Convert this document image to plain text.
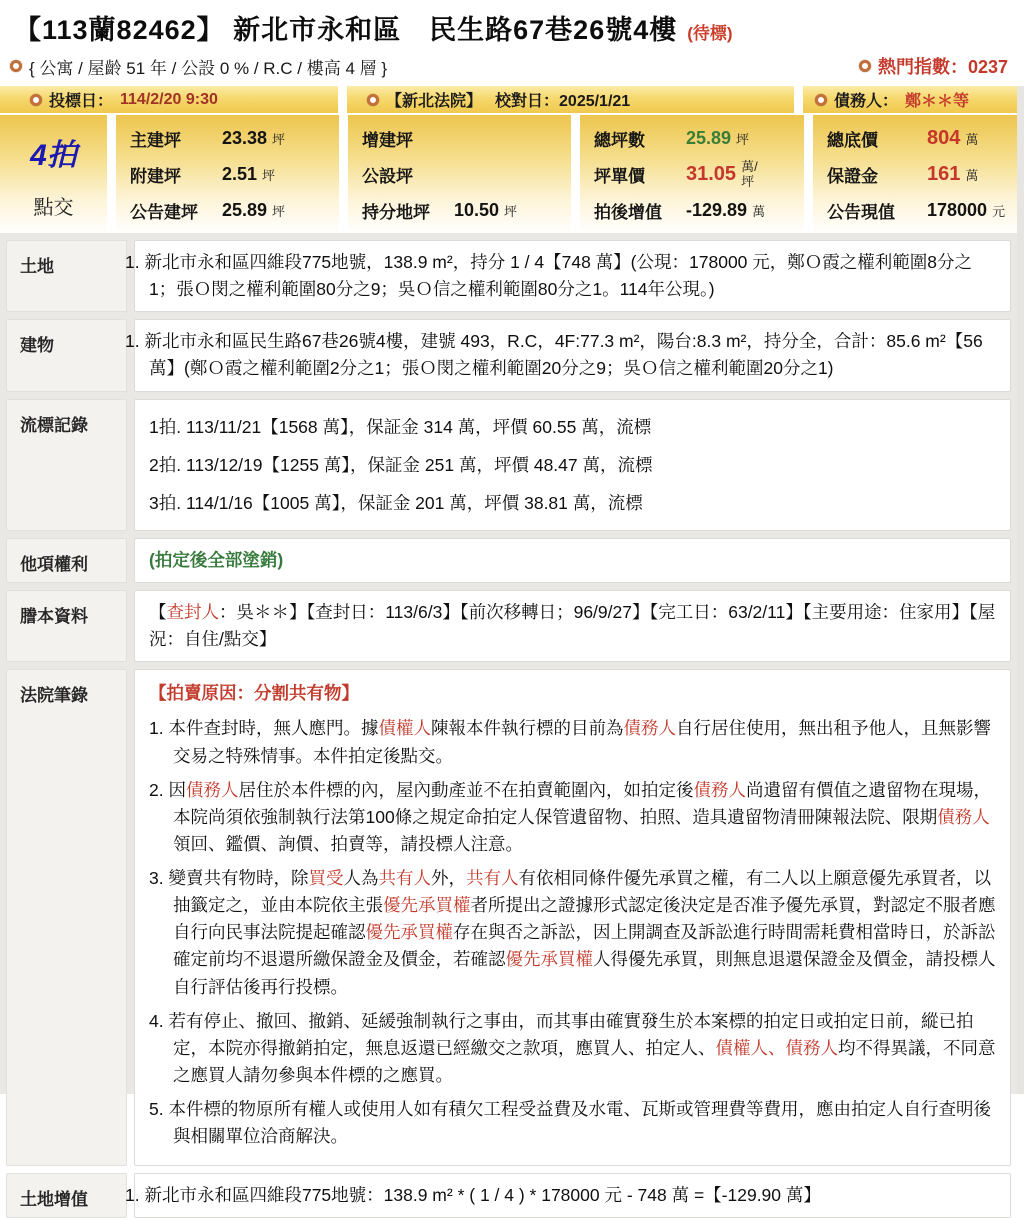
【113蘭82462】 新北市永和區　民生路67巷26號4樓 (待標)
{ 公寓 / 屋齡 51 年 / 公設 0 % / R.C / 樓高 4 層 }	熱門指數：0237
投標日： 114/2/20 9:30	【新北法院】 校對日：2025/1/21	債務人： 鄭＊＊等
4拍
點交
主建坪	23.38 坪
附建坪	2.51 坪
公告建坪	25.89 坪
增建坪
公設坪
持分地坪	10.50 坪
總坪數	25.89 坪
坪單價	31.05 萬/坪
拍後增值	-129.89 萬
總底價	804 萬
保證金	161 萬
公告現值	178000 元
土地	1. 新北市永和區四維段775地號，138.9 m²，持分 1 / 4【748 萬】(公現：178000 元，鄭Ｏ霞之權利範圍8分之1；張Ｏ閔之權利範圍80分之9；吳Ｏ信之權利範圍80分之1。114年公現。)
建物	1. 新北市永和區民生路67巷26號4樓，建號 493，R.C，4F:77.3 m²，陽台:8.3 m²，持分全，合計：85.6 m²【56 萬】(鄭Ｏ霞之權利範圍2分之1；張Ｏ閔之權利範圍20分之9；吳Ｏ信之權利範圍20分之1)
流標記錄	1拍. 113/11/21【1568 萬】，保証金 314 萬，坪價 60.55 萬，流標
2拍. 113/12/19【1255 萬】，保証金 251 萬，坪價 48.47 萬，流標
3拍. 114/1/16【1005 萬】，保証金 201 萬，坪價 38.81 萬，流標
他項權利	(拍定後全部塗銷)
謄本資料	【查封人：吳＊＊】【查封日：113/6/3】【前次移轉日；96/9/27】【完工日：63/2/11】【主要用途：住家用】【屋況：自住/點交】
法院筆錄	【拍賣原因：分割共有物】
1. 本件查封時，無人應門。據債權人陳報本件執行標的目前為債務人自行居住使用，無出租予他人，且無影響交易之特殊情事。本件拍定後點交。
2. 因債務人居住於本件標的內，屋內動產並不在拍賣範圍內，如拍定後債務人尚遺留有價值之遺留物在現場，本院尚須依強制執行法第100條之規定命拍定人保管遺留物、拍照、造具遺留物清冊陳報法院、限期債務人領回、鑑價、詢價、拍賣等，請投標人注意。
3. 變賣共有物時，除買受人為共有人外，共有人有依相同條件優先承買之權，有二人以上願意優先承買者，以抽籤定之，並由本院依主張優先承買權者所提出之證據形式認定後決定是否准予優先承買，對認定不服者應自行向民事法院提起確認優先承買權存在與否之訴訟，因上開調查及訴訟進行時間需耗費相當時日，於訴訟確定前均不退還所繳保證金及價金，若確認優先承買權人得優先承買，則無息退還保證金及價金，請投標人自行評估後再行投標。
4. 若有停止、撤回、撤銷、延緩強制執行之事由，而其事由確實發生於本案標的拍定日或拍定日前，縱已拍定，本院亦得撤銷拍定，無息返還已經繳交之款項，應買人、拍定人、債權人、債務人均不得異議，不同意之應買人請勿參與本件標的之應買。
5. 本件標的物原所有權人或使用人如有積欠工程受益費及水電、瓦斯或管理費等費用，應由拍定人自行查明後與相關單位洽商解決。
土地增值	1. 新北市永和區四維段775地號：138.9 m² * ( 1 / 4 ) * 178000 元 - 748 萬 =【-129.90 萬】
